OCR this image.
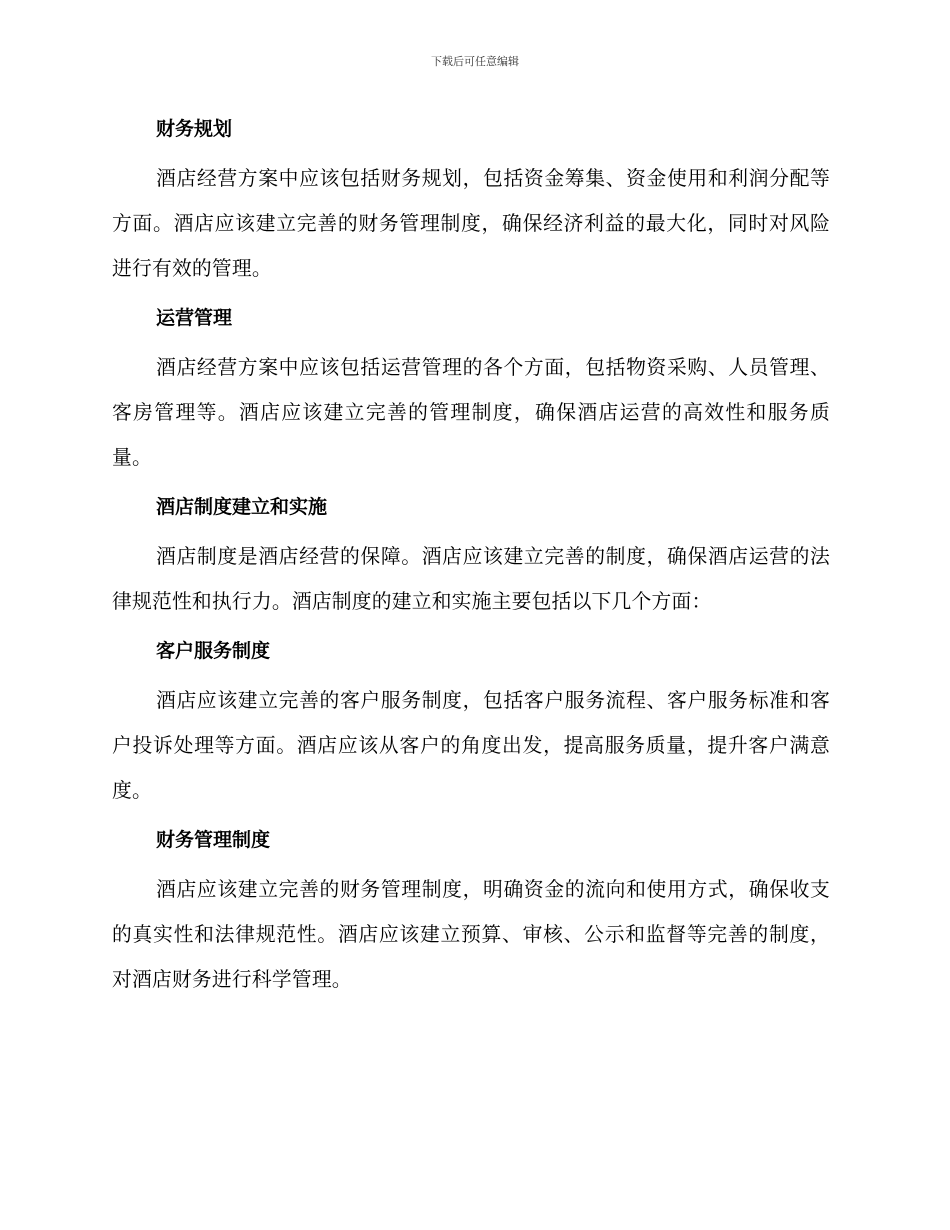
下载后可任意编辑
财务规划

酒店经营方案中应该包括财务规划，包括资金筹集、资金使用和利润分配等方面。酒店应该建立完善的财务管理制度，确保经济利益的最大化，同时对风险进行有效的管理。

运营管理

酒店经营方案中应该包括运营管理的各个方面，包括物资采购、人员管理、客房管理等。酒店应该建立完善的管理制度，确保酒店运营的高效性和服务质量。

酒店制度建立和实施

酒店制度是酒店经营的保障。酒店应该建立完善的制度，确保酒店运营的法律规范性和执行力。酒店制度的建立和实施主要包括以下几个方面：

客户服务制度

酒店应该建立完善的客户服务制度，包括客户服务流程、客户服务标准和客户投诉处理等方面。酒店应该从客户的角度出发，提高服务质量，提升客户满意度。

财务管理制度

酒店应该建立完善的财务管理制度，明确资金的流向和使用方式，确保收支的真实性和法律规范性。酒店应该建立预算、审核、公示和监督等完善的制度，对酒店财务进行科学管理。
